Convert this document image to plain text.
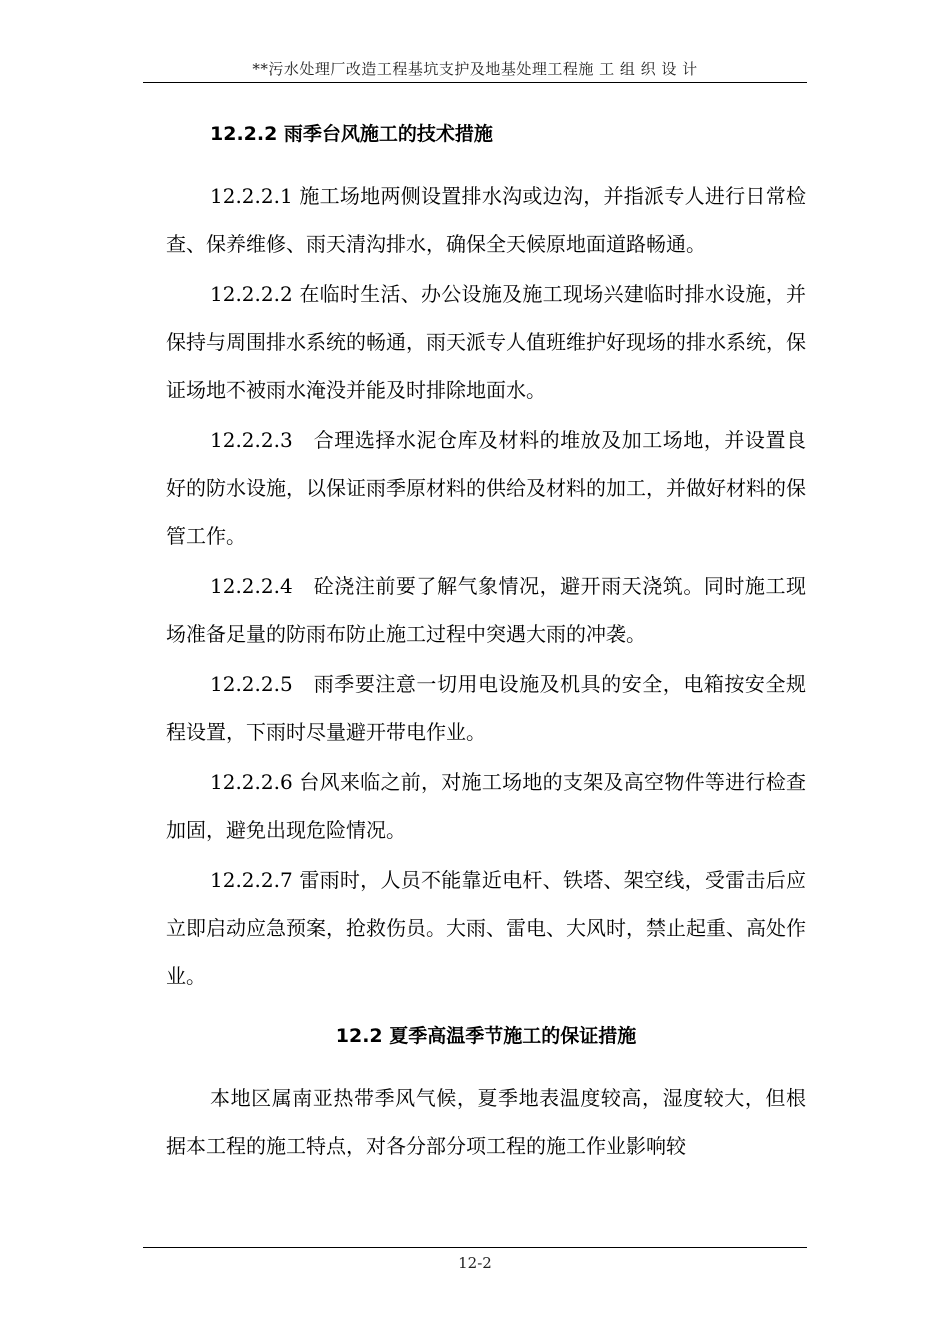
**污水处理厂改造工程基坑支护及地基处理工程施 工 组 织 设 计
12.2.2 雨季台风施工的技术措施

12.2.2.1 施工场地两侧设置排水沟或边沟，并指派专人进行日常检查、保养维修、雨天清沟排水，确保全天候原地面道路畅通。

12.2.2.2 在临时生活、办公设施及施工现场兴建临时排水设施，并保持与周围排水系统的畅通，雨天派专人值班维护好现场的排水系统，保证场地不被雨水淹没并能及时排除地面水。

12.2.2.3　合理选择水泥仓库及材料的堆放及加工场地，并设置良好的防水设施，以保证雨季原材料的供给及材料的加工，并做好材料的保管工作。

12.2.2.4　砼浇注前要了解气象情况，避开雨天浇筑。同时施工现场准备足量的防雨布防止施工过程中突遇大雨的冲袭。

12.2.2.5　雨季要注意一切用电设施及机具的安全，电箱按安全规程设置，下雨时尽量避开带电作业。

12.2.2.6 台风来临之前，对施工场地的支架及高空物件等进行检查加固，避免出现危险情况。

12.2.2.7 雷雨时，人员不能靠近电杆、铁塔、架空线，受雷击后应立即启动应急预案，抢救伤员。大雨、雷电、大风时，禁止起重、高处作业。

12.2 夏季高温季节施工的保证措施

本地区属南亚热带季风气候，夏季地表温度较高，湿度较大，但根据本工程的施工特点，对各分部分项工程的施工作业影响较

12-2
